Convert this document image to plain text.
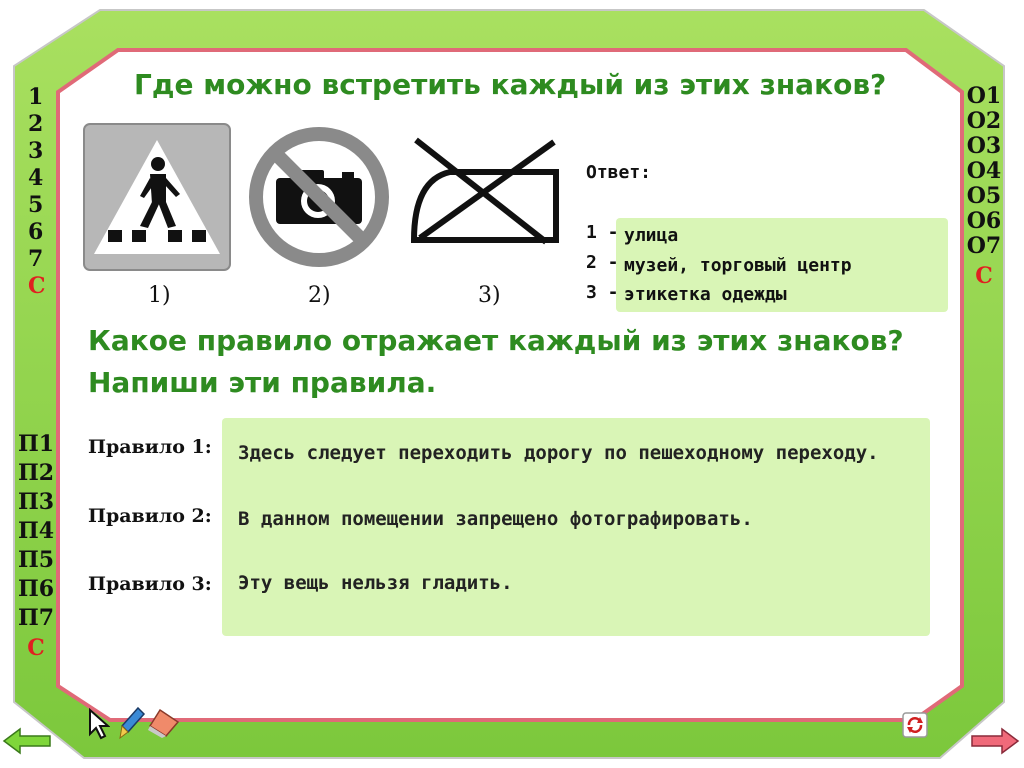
Где можно встретить каждый из этих знаков?
1)	2)	3)
Ответ:
1 -
2 -
3 -
улица
музей, торговый центр
этикетка одежды
Какое правило отражает каждый из этих знаков?
Напиши эти правила.
Правило 1:
Правило 2:
Правило 3:
Здесь следует переходить дорогу по пешеходному переходу.
В данном помещении запрещено фотографировать.
Эту вещь нельзя гладить.
1
2
3
4
5
6
7
С
О1
О2
О3
О4
О5
О6
О7
С
П1
П2
П3
П4
П5
П6
П7
С
